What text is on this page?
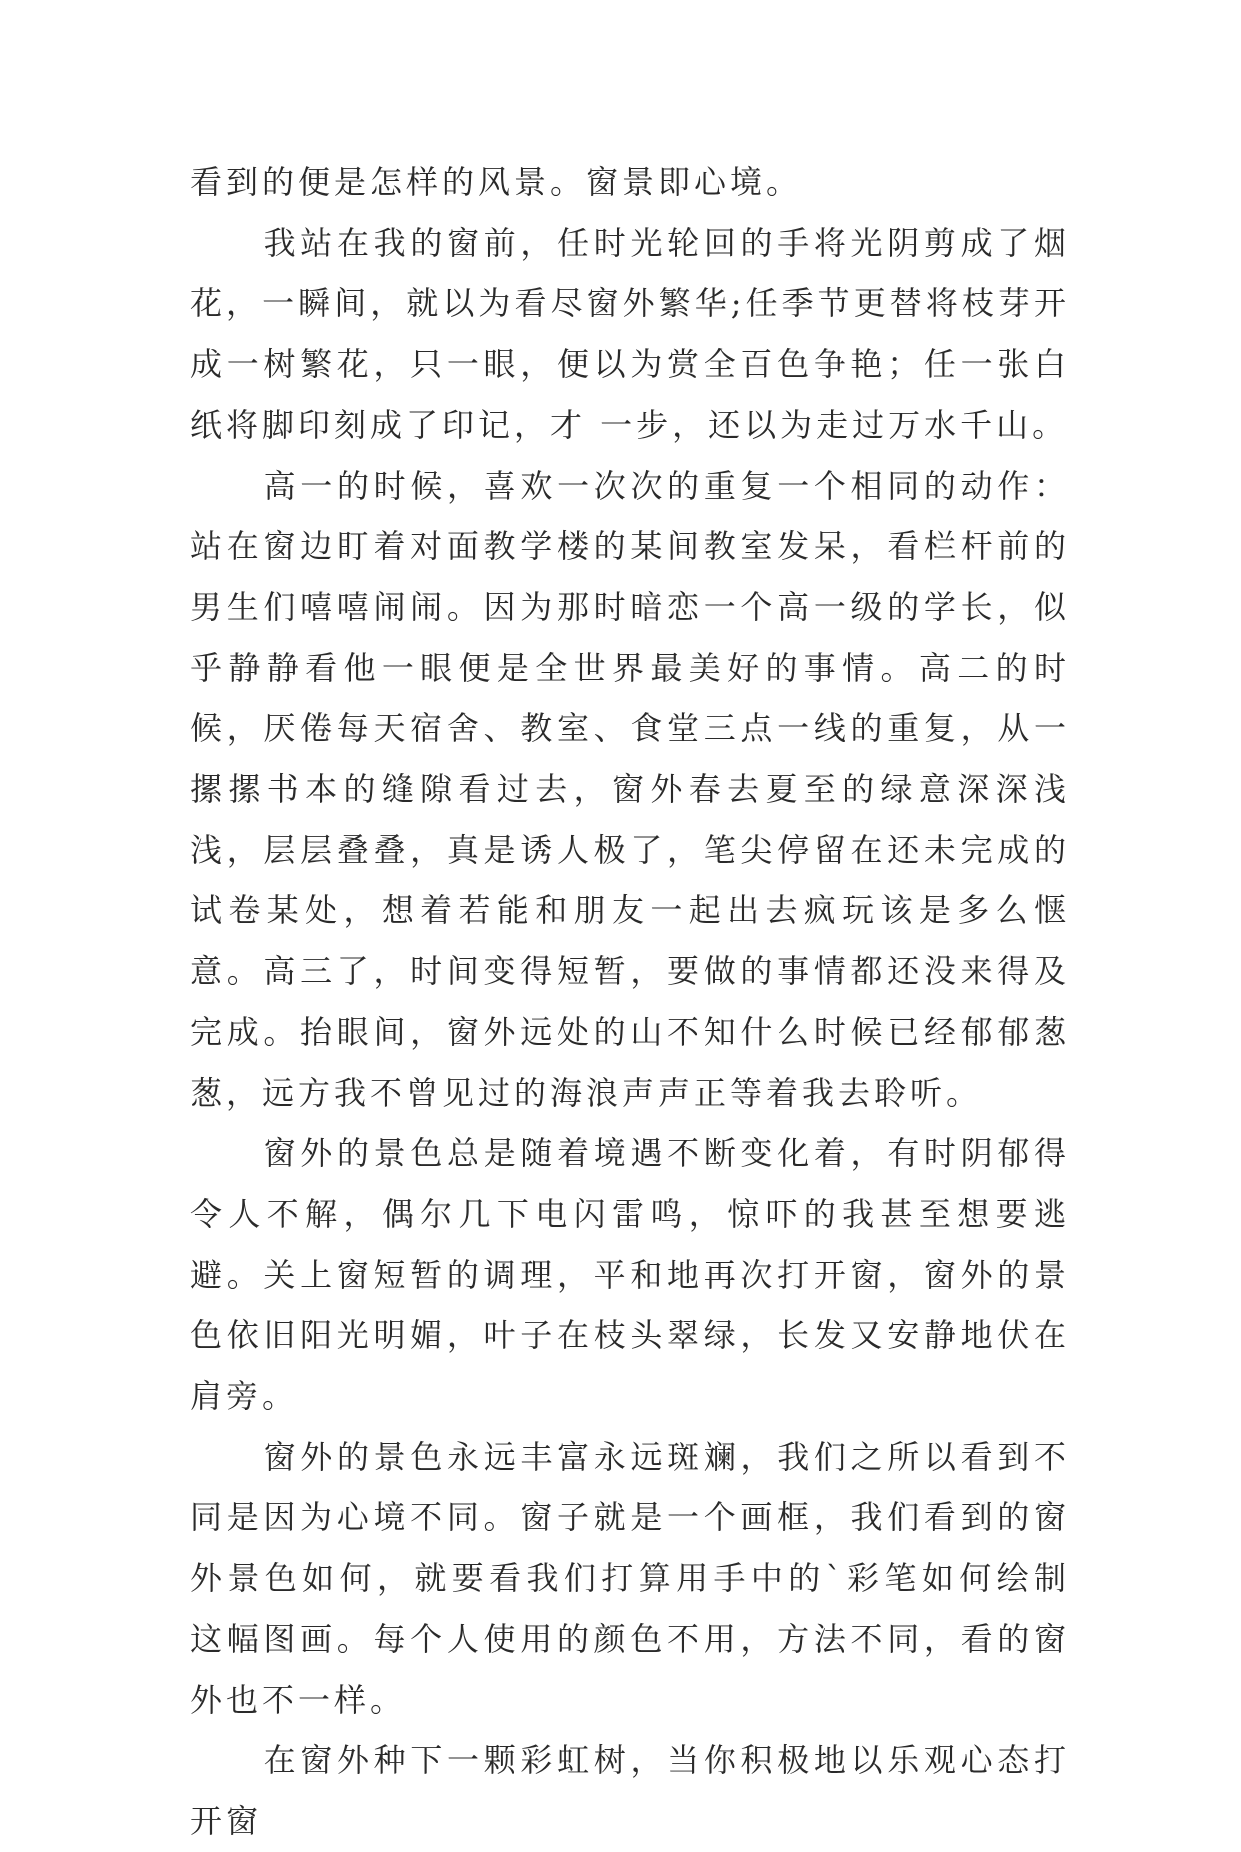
看到的便是怎样的风景。窗景即心境。

我站在我的窗前，任时光轮回的手将光阴剪成了烟花，一瞬间，就以为看尽窗外繁华;任季节更替将枝芽开成一树繁花，只一眼，便以为赏全百色争艳；任一张白纸将脚印刻成了印记，才 一步，还以为走过万水千山。

高一的时候，喜欢一次次的重复一个相同的动作：站在窗边盯着对面教学楼的某间教室发呆，看栏杆前的男生们嘻嘻闹闹。因为那时暗恋一个高一级的学长，似乎静静看他一眼便是全世界最美好的事情。高二的时候，厌倦每天宿舍、教室、食堂三点一线的重复，从一摞摞书本的缝隙看过去，窗外春去夏至的绿意深深浅浅，层层叠叠，真是诱人极了，笔尖停留在还未完成的试卷某处，想着若能和朋友一起出去疯玩该是多么惬意。高三了，时间变得短暂，要做的事情都还没来得及完成。抬眼间，窗外远处的山不知什么时候已经郁郁葱葱，远方我不曾见过的海浪声声正等着我去聆听。

窗外的景色总是随着境遇不断变化着，有时阴郁得令人不解，偶尔几下电闪雷鸣，惊吓的我甚至想要逃避。关上窗短暂的调理，平和地再次打开窗，窗外的景色依旧阳光明媚，叶子在枝头翠绿，长发又安静地伏在肩旁。

窗外的景色永远丰富永远斑斓，我们之所以看到不同是因为心境不同。窗子就是一个画框，我们看到的窗外景色如何，就要看我们打算用手中的`彩笔如何绘制这幅图画。每个人使用的颜色不用，方法不同，看的窗外也不一样。

在窗外种下一颗彩虹树，当你积极地以乐观心态打开窗
